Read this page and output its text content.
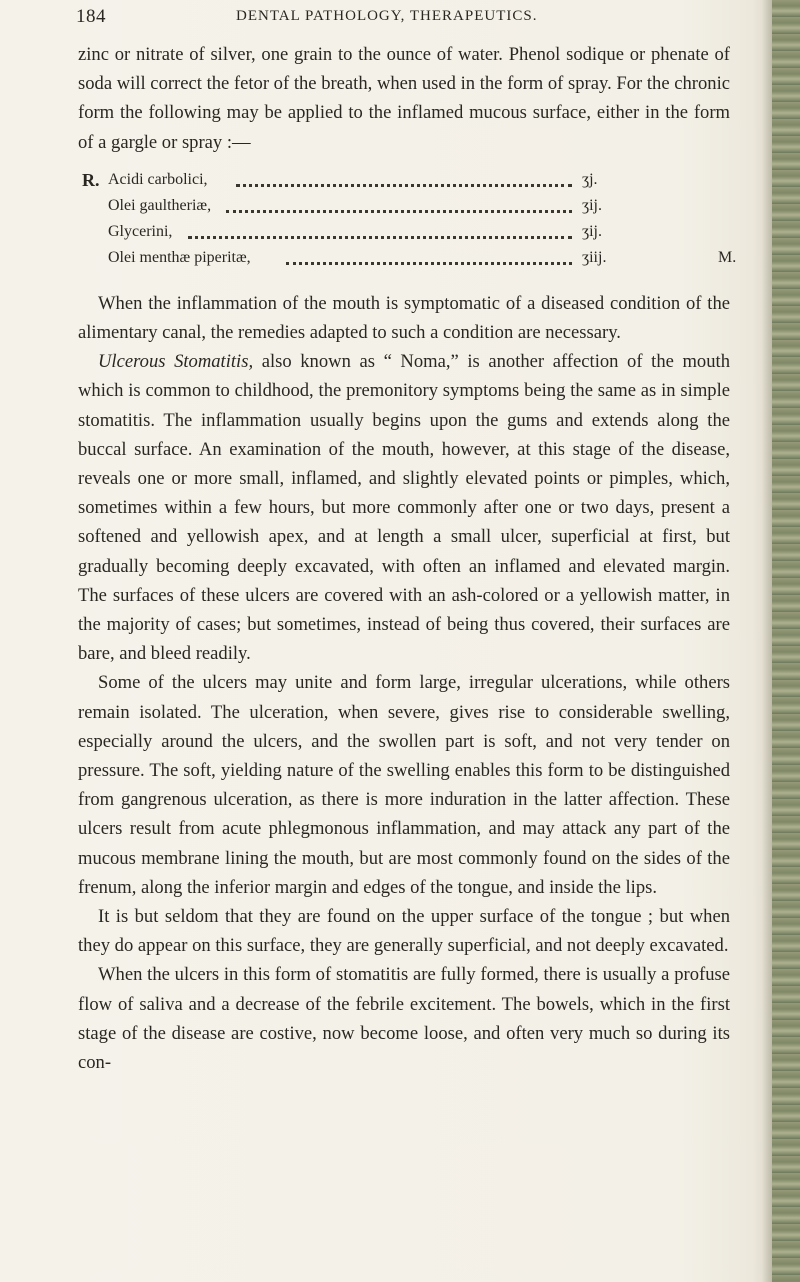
184	DENTAL PATHOLOGY, THERAPEUTICS.

zinc or nitrate of silver, one grain to the ounce of water. Phenol sodique or phenate of soda will correct the fetor of the breath, when used in the form of spray. For the chronic form the following may be applied to the inflamed mucous surface, either in the form of a gargle or spray :—

R. Acidi carbolici,	ʒj.
Olei gaultheriæ,	ʒij.
Glycerini,	ʒij.
Olei menthæ piperitæ,	ʒiij.	M.

When the inflammation of the mouth is symptomatic of a diseased condition of the alimentary canal, the remedies adapted to such a condition are necessary.

Ulcerous Stomatitis, also known as “ Noma,” is another affection of the mouth which is common to childhood, the premonitory symptoms being the same as in simple stomatitis. The inflammation usually begins upon the gums and extends along the buccal surface. An examination of the mouth, however, at this stage of the disease, reveals one or more small, inflamed, and slightly elevated points or pimples, which, sometimes within a few hours, but more commonly after one or two days, present a softened and yellowish apex, and at length a small ulcer, superficial at first, but gradually becoming deeply excavated, with often an inflamed and elevated margin. The surfaces of these ulcers are covered with an ash-colored or a yellowish matter, in the majority of cases; but sometimes, instead of being thus covered, their surfaces are bare, and bleed readily.

Some of the ulcers may unite and form large, irregular ulcerations, while others remain isolated. The ulceration, when severe, gives rise to considerable swelling, especially around the ulcers, and the swollen part is soft, and not very tender on pressure. The soft, yielding nature of the swelling enables this form to be distinguished from gangrenous ulceration, as there is more induration in the latter affection. These ulcers result from acute phlegmonous inflammation, and may attack any part of the mucous membrane lining the mouth, but are most commonly found on the sides of the frenum, along the inferior margin and edges of the tongue, and inside the lips.

It is but seldom that they are found on the upper surface of the tongue ; but when they do appear on this surface, they are generally superficial, and not deeply excavated.

When the ulcers in this form of stomatitis are fully formed, there is usually a profuse flow of saliva and a decrease of the febrile excitement. The bowels, which in the first stage of the disease are costive, now become loose, and often very much so during its con-
